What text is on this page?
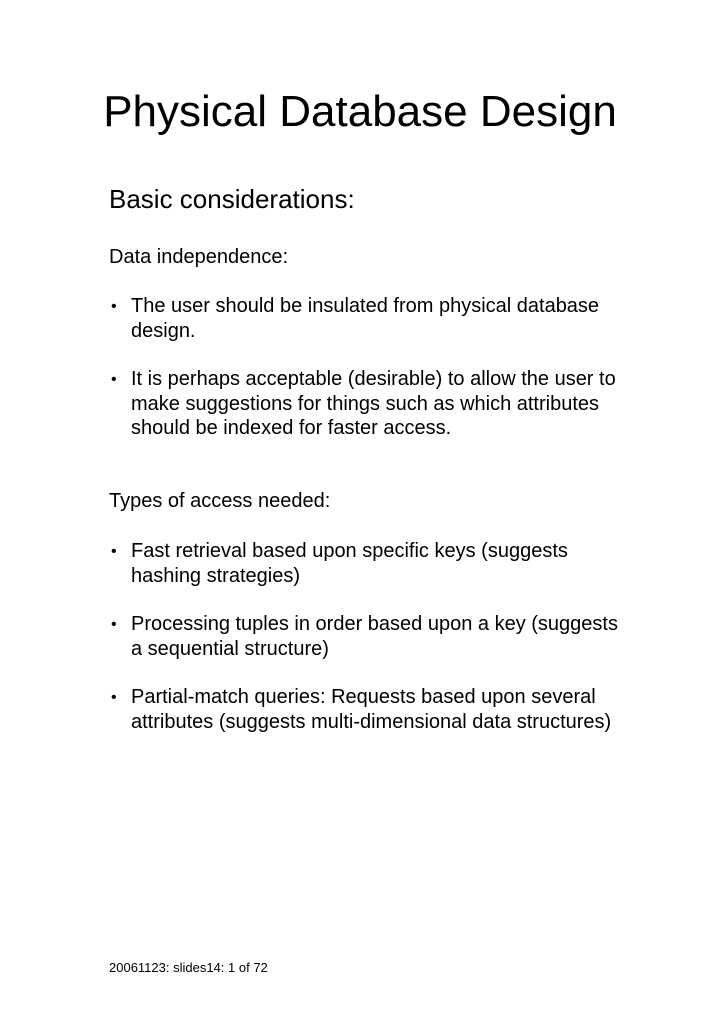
Physical Database Design
Basic considerations:

Data independence:

• The user should be insulated from physical database design.
• It is perhaps acceptable (desirable) to allow the user to make suggestions for things such as which attributes should be indexed for faster access.

Types of access needed:

• Fast retrieval based upon specific keys (suggests hashing strategies)
• Processing tuples in order based upon a key (suggests a sequential structure)
• Partial-match queries: Requests based upon several attributes (suggests multi-dimensional data structures)
20061123: slides14: 1 of 72
